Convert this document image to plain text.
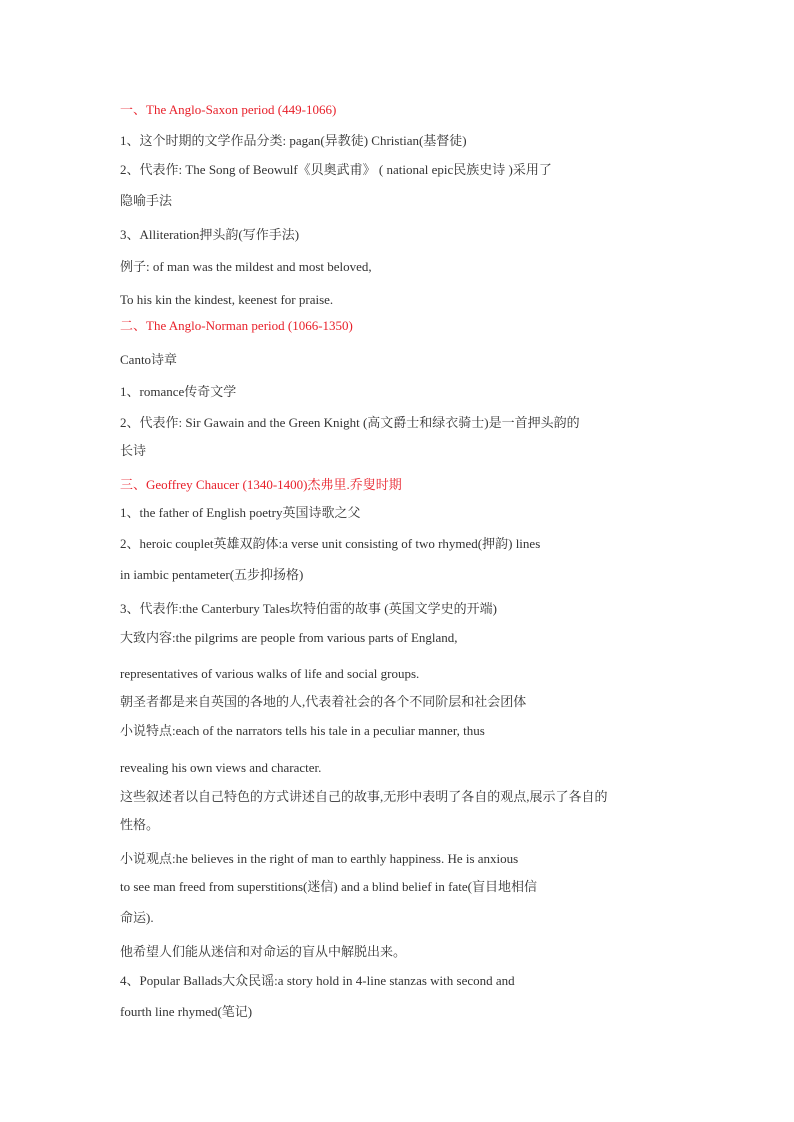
一、The Anglo-Saxon period (449-1066)
1、这个时期的文学作品分类: pagan(异教徒) Christian(基督徒)
2、代表作: The Song of Beowulf《贝奥武甫》 ( national epic民族史诗 )采用了
隐喻手法
3、Alliteration押头韵(写作手法)
例子: of man was the mildest and most beloved,
To his kin the kindest, keenest for praise.
二、The Anglo-Norman period (1066-1350)
Canto诗章
1、romance传奇文学
2、代表作: Sir Gawain and the Green Knight (高文爵士和绿衣骑士)是一首押头韵的
长诗
三、Geoffrey Chaucer (1340-1400)杰弗里.乔叟时期
1、the father of English poetry英国诗歌之父
2、heroic couplet英雄双韵体:a verse unit consisting of two rhymed(押韵) lines
in iambic pentameter(五步抑扬格)
3、代表作:the Canterbury Tales坎特伯雷的故事 (英国文学史的开端)
大致内容:the pilgrims are people from various parts of England,
representatives of various walks of life and social groups.
朝圣者都是来自英国的各地的人,代表着社会的各个不同阶层和社会团体
小说特点:each of the narrators tells his tale in a peculiar manner, thus
revealing his own views and character.
这些叙述者以自己特色的方式讲述自己的故事,无形中表明了各自的观点,展示了各自的
性格。
小说观点:he believes in the right of man to earthly happiness. He is anxious
to see man freed from superstitions(迷信) and a blind belief in fate(盲目地相信
命运).
他希望人们能从迷信和对命运的盲从中解脱出来。
4、Popular Ballads大众民谣:a story hold in 4-line stanzas with second and
fourth line rhymed(笔记)
